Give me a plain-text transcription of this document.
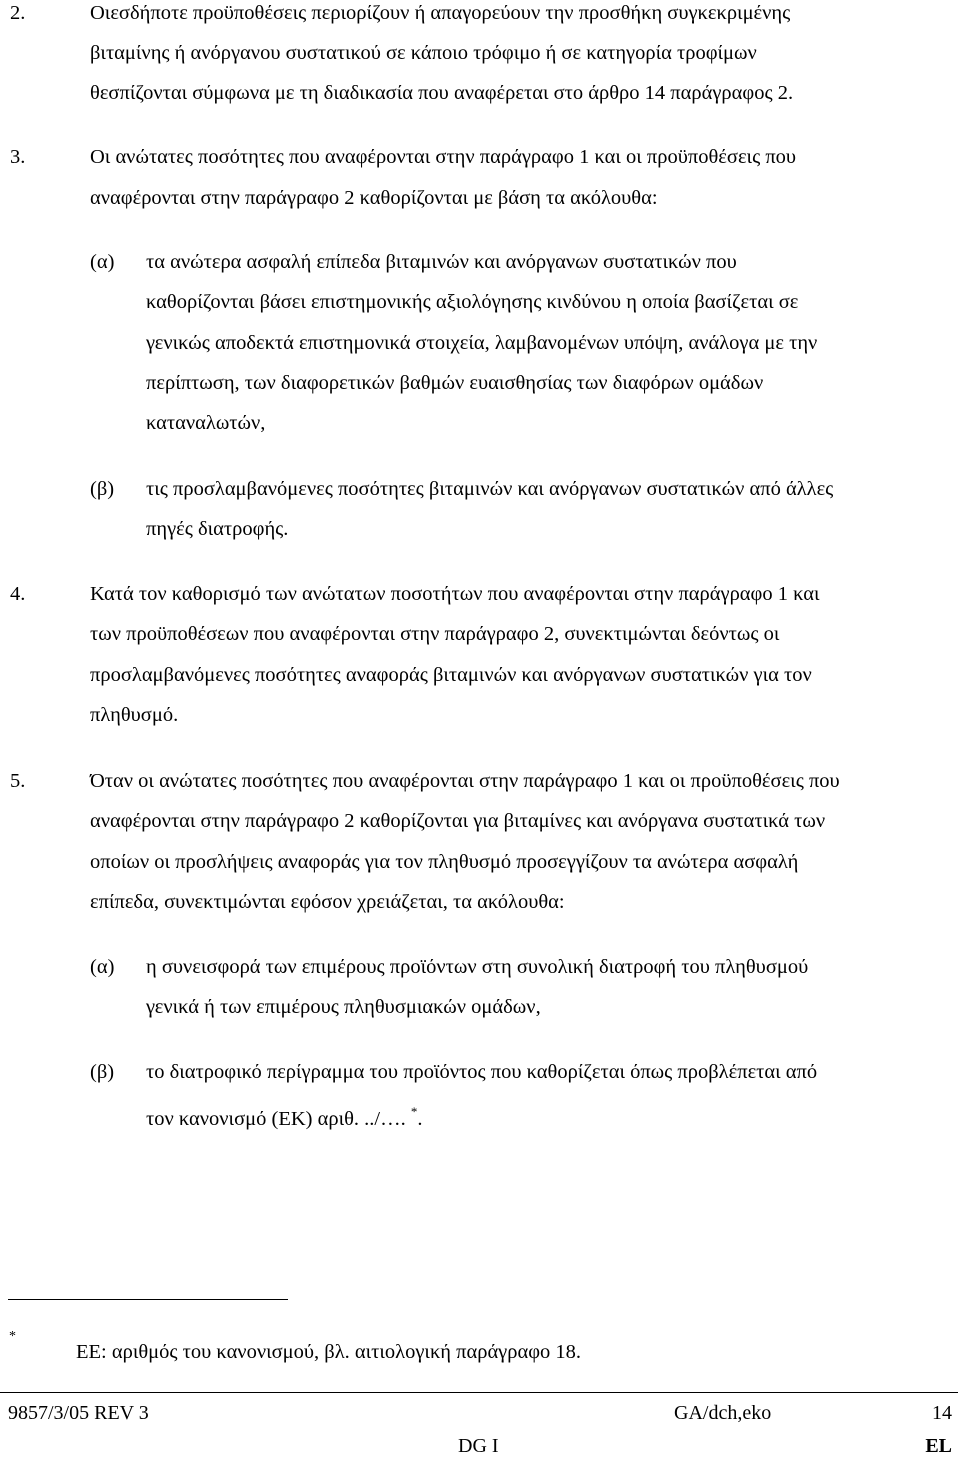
2.	Οιεσδήποτε προϋποθέσεις περιορίζουν ή απαγορεύουν την προσθήκη συγκεκριμένης
βιταμίνης ή ανόργανου συστατικού σε κάποιο τρόφιμο ή σε κατηγορία τροφίμων
θεσπίζονται σύμφωνα με τη διαδικασία που αναφέρεται στο άρθρο 14 παράγραφος 2.
3.	Οι ανώτατες ποσότητες που αναφέρονται στην παράγραφο 1 και οι προϋποθέσεις που
αναφέρονται στην παράγραφο 2 καθορίζονται με βάση τα ακόλουθα:
(α) τα ανώτερα ασφαλή επίπεδα βιταμινών και ανόργανων συστατικών που
καθορίζονται βάσει επιστημονικής αξιολόγησης κινδύνου η οποία βασίζεται σε
γενικώς αποδεκτά επιστημονικά στοιχεία, λαμβανομένων υπόψη, ανάλογα με την
περίπτωση, των διαφορετικών βαθμών ευαισθησίας των διαφόρων ομάδων
καταναλωτών,
(β) τις προσλαμβανόμενες ποσότητες βιταμινών και ανόργανων συστατικών από άλλες
πηγές διατροφής.
4.	Κατά τον καθορισμό των ανώτατων ποσοτήτων που αναφέρονται στην παράγραφο 1 και
των προϋποθέσεων που αναφέρονται στην παράγραφο 2, συνεκτιμώνται δεόντως οι
προσλαμβανόμενες ποσότητες αναφοράς βιταμινών και ανόργανων συστατικών για τον
πληθυσμό.
5.	Όταν οι ανώτατες ποσότητες που αναφέρονται στην παράγραφο 1 και οι προϋποθέσεις που
αναφέρονται στην παράγραφο 2 καθορίζονται για βιταμίνες και ανόργανα συστατικά των
οποίων οι προσλήψεις αναφοράς για τον πληθυσμό προσεγγίζουν τα ανώτερα ασφαλή
επίπεδα, συνεκτιμώνται εφόσον χρειάζεται, τα ακόλουθα:
(α) η συνεισφορά των επιμέρους προϊόντων στη συνολική διατροφή του πληθυσμού
γενικά ή των επιμέρους πληθυσμιακών ομάδων,
(β) το διατροφικό περίγραμμα του προϊόντος που καθορίζεται όπως προβλέπεται από
τον κανονισμό (ΕΚ) αριθ. ../…. *.
*
ΕΕ: αριθμός του κανονισμού, βλ. αιτιολογική παράγραφο 18.
9857/3/05 REV 3	GA/dch,eko	14
DG I	EL
